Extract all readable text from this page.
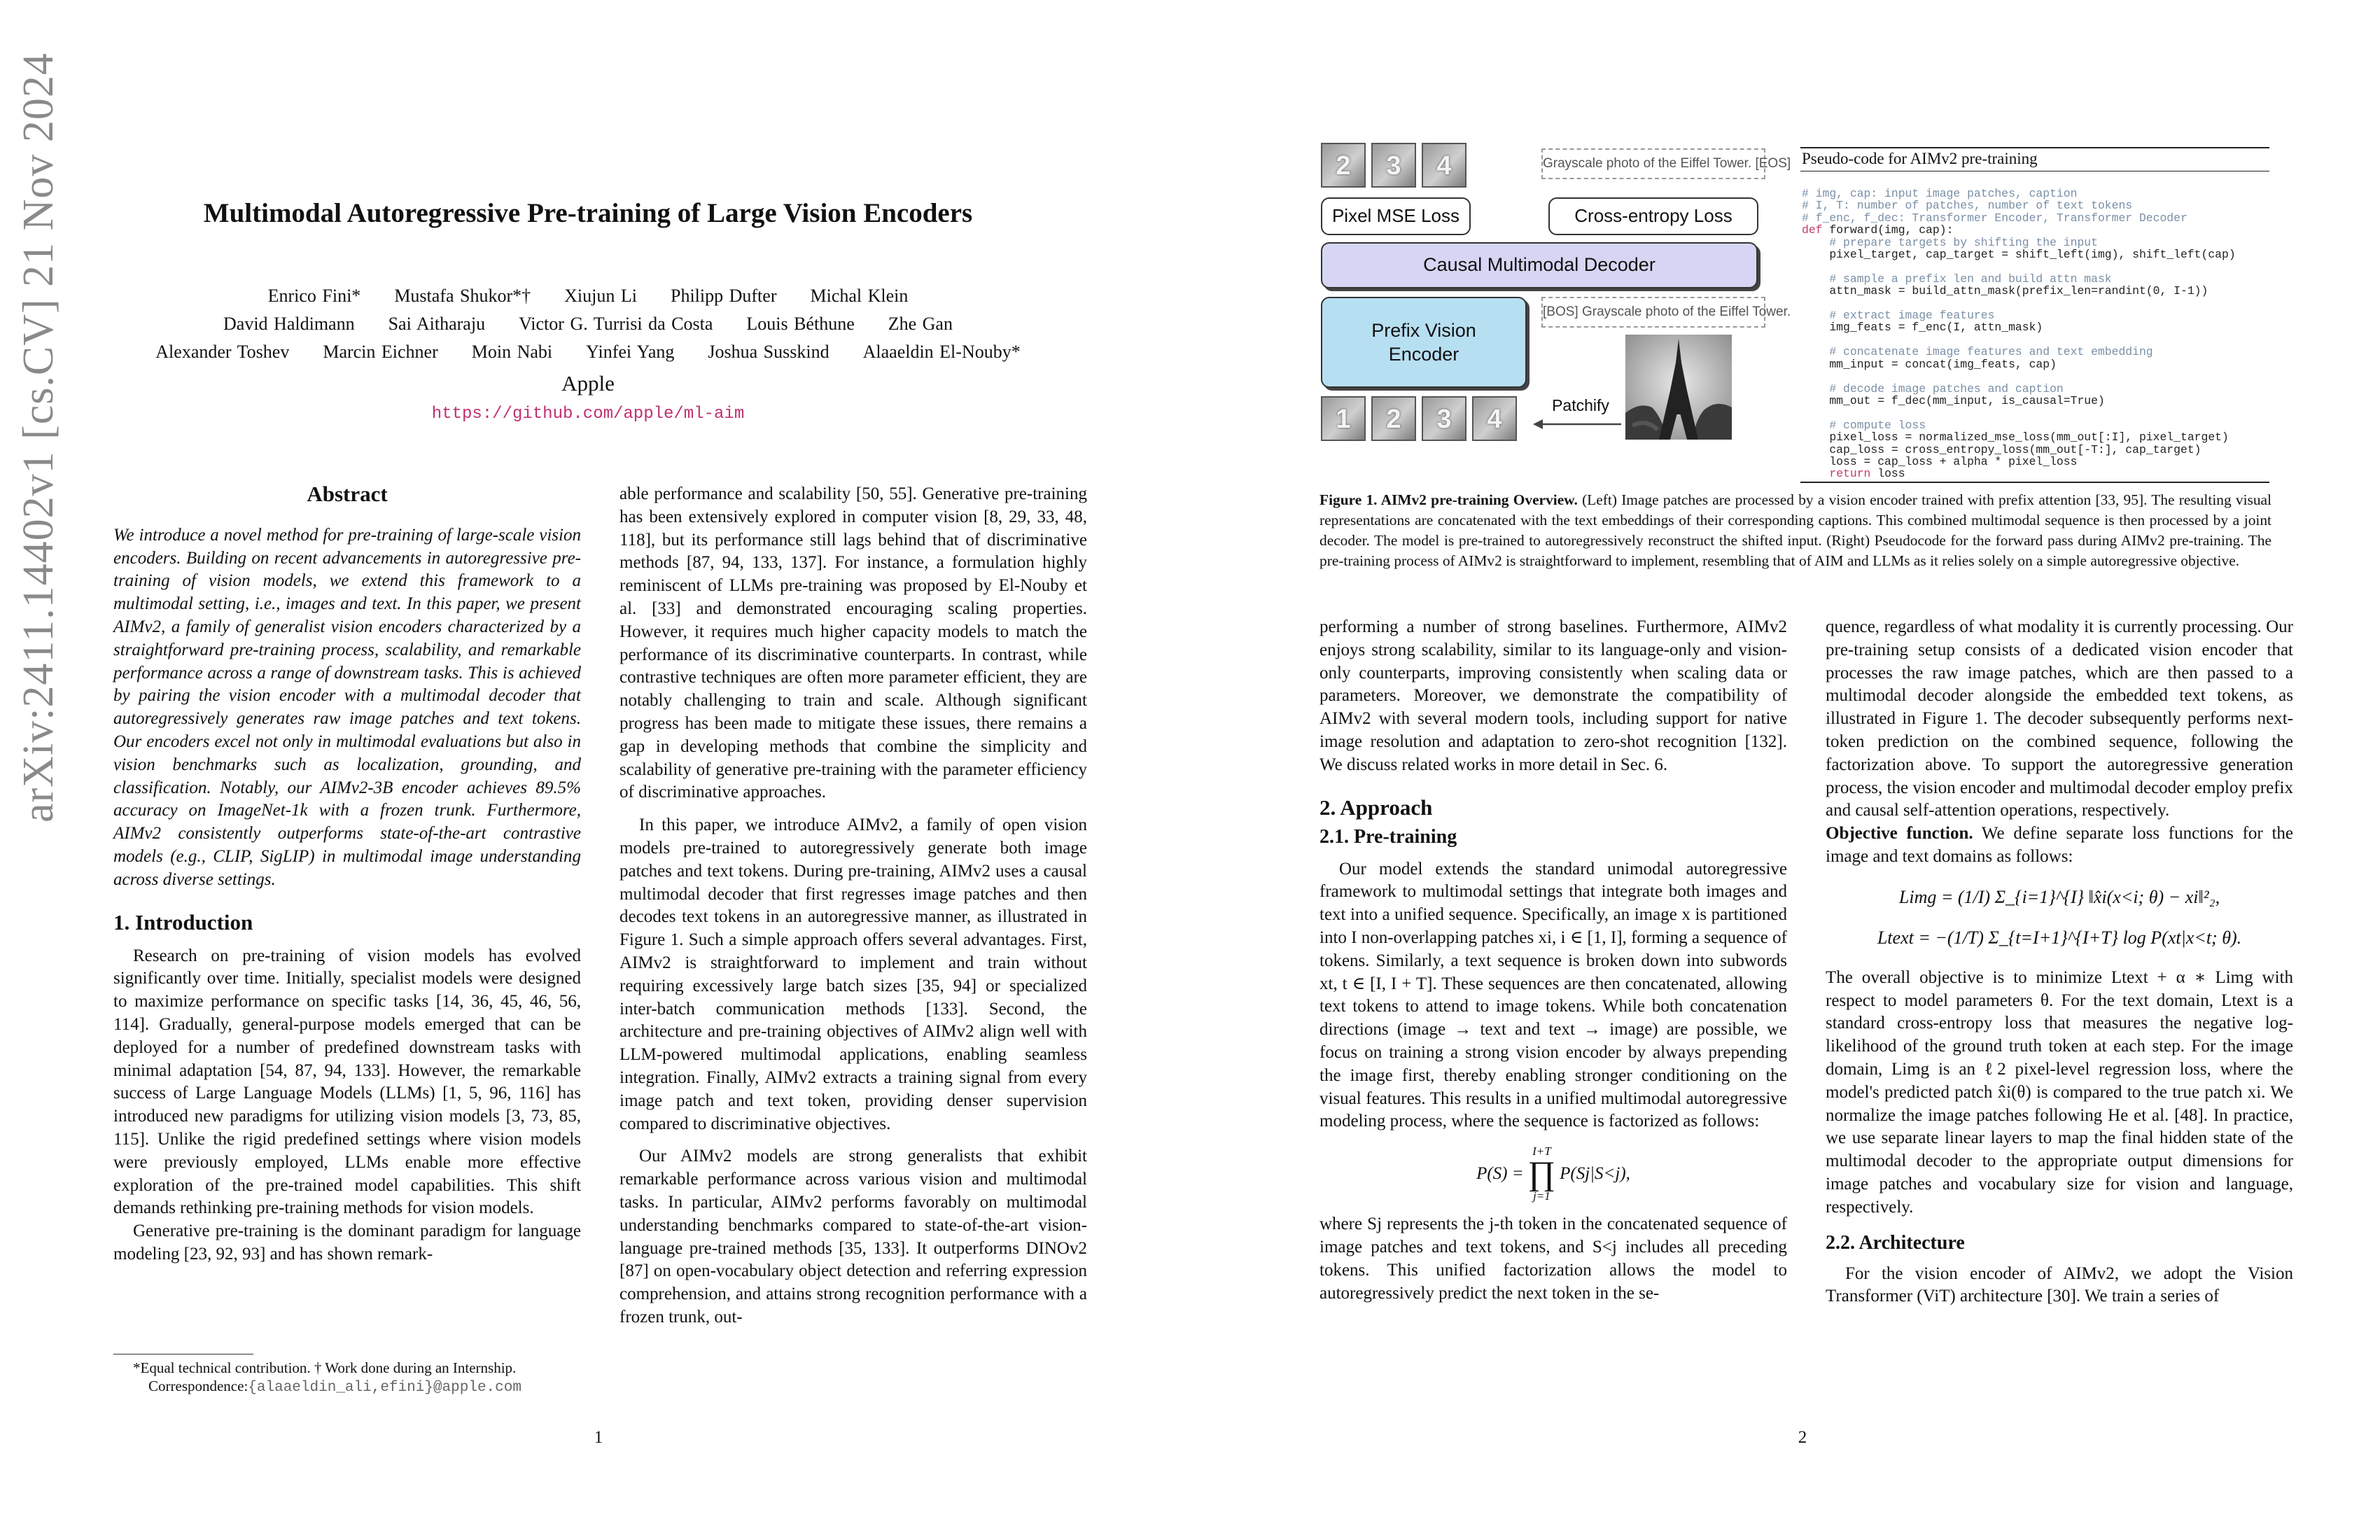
arXiv:2411.14402v1 [cs.CV] 21 Nov 2024	Multimodal Autoregressive Pre-training of Large Vision Encoders
Enrico Fini* Mustafa Shukor*† Xiujun Li Philipp Dufter Michal Klein
David Haldimann Sai Aitharaju Victor G. Turrisi da Costa Louis Béthune Zhe Gan
Alexander Toshev Marcin Eichner Moin Nabi Yinfei Yang Joshua Susskind Alaaeldin El-Nouby*
Apple
https://github.com/apple/ml-aim
Abstract

We introduce a novel method for pre-training of large-scale vision encoders. Building on recent advancements in autoregressive pre-training of vision models, we extend this framework to a multimodal setting, i.e., images and text. In this paper, we present AIMv2, a family of generalist vision encoders characterized by a straightforward pre-training process, scalability, and remarkable performance across a range of downstream tasks. This is achieved by pairing the vision encoder with a multimodal decoder that autoregressively generates raw image patches and text tokens. Our encoders excel not only in multimodal evaluations but also in vision benchmarks such as localization, grounding, and classification. Notably, our AIMv2-3B encoder achieves 89.5% accuracy on ImageNet-1k with a frozen trunk. Furthermore, AIMv2 consistently outperforms state-of-the-art contrastive models (e.g., CLIP, SigLIP) in multimodal image understanding across diverse settings.

1. Introduction

Research on pre-training of vision models has evolved significantly over time. Initially, specialist models were designed to maximize performance on specific tasks [14, 36, 45, 46, 56, 114]. Gradually, general-purpose models emerged that can be deployed for a number of predefined downstream tasks with minimal adaptation [54, 87, 94, 133]. However, the remarkable success of Large Language Models (LLMs) [1, 5, 96, 116] has introduced new paradigms for utilizing vision models [3, 73, 85, 115]. Unlike the rigid predefined settings where vision models were previously employed, LLMs enable more effective exploration of the pre-trained model capabilities. This shift demands rethinking pre-training methods for vision models.

Generative pre-training is the dominant paradigm for language modeling [23, 92, 93] and has shown remark-

*Equal technical contribution. † Work done during an Internship.
Correspondence:{alaaeldin_ali,efini}@apple.com

able performance and scalability [50, 55]. Generative pre-training has been extensively explored in computer vision [8, 29, 33, 48, 118], but its performance still lags behind that of discriminative methods [87, 94, 133, 137]. For instance, a formulation highly reminiscent of LLMs pre-training was proposed by El-Nouby et al. [33] and demonstrated encouraging scaling properties. However, it requires much higher capacity models to match the performance of its discriminative counterparts. In contrast, while contrastive techniques are often more parameter efficient, they are notably challenging to train and scale. Although significant progress has been made to mitigate these issues, there remains a gap in developing methods that combine the simplicity and scalability of generative pre-training with the parameter efficiency of discriminative approaches.

In this paper, we introduce AIMv2, a family of open vision models pre-trained to autoregressively generate both image patches and text tokens. During pre-training, AIMv2 uses a causal multimodal decoder that first regresses image patches and then decodes text tokens in an autoregressive manner, as illustrated in Figure 1. Such a simple approach offers several advantages. First, AIMv2 is straightforward to implement and train without requiring excessively large batch sizes [35, 94] or specialized inter-batch communication methods [133]. Second, the architecture and pre-training objectives of AIMv2 align well with LLM-powered multimodal applications, enabling seamless integration. Finally, AIMv2 extracts a training signal from every image patch and text token, providing denser supervision compared to discriminative objectives.

Our AIMv2 models are strong generalists that exhibit remarkable performance across various vision and multimodal tasks. In particular, AIMv2 performs favorably on multimodal understanding benchmarks compared to state-of-the-art vision-language pre-trained methods [35, 133]. It outperforms DINOv2 [87] on open-vocabulary object detection and referring expression comprehension, and attains strong recognition performance with a frozen trunk, out-

1
2	3	4	Grayscale photo of the Eiffel Tower. [EOS]
Pixel MSE Loss	Cross-entropy Loss
Causal Multimodal Decoder
Prefix Vision Encoder
[BOS] Grayscale photo of the Eiffel Tower.
1	2	3	4	Patchify
Pseudo-code for AIMv2 pre-training
# img, cap: input image patches, caption
# I, T: number of patches, number of text tokens
# f_enc, f_dec: Transformer Encoder, Transformer Decoder
def forward(img, cap):
# prepare targets by shifting the input
pixel_target, cap_target = shift_left(img), shift_left(cap)

# sample a prefix len and build attn mask
attn_mask = build_attn_mask(prefix_len=randint(0, I-1))

# extract image features
img_feats = f_enc(I, attn_mask)

# concatenate image features and text embedding
mm_input = concat(img_feats, cap)

# decode image patches and caption
mm_out = f_dec(mm_input, is_causal=True)

# compute loss
pixel_loss = normalized_mse_loss(mm_out[:I], pixel_target)
cap_loss = cross_entropy_loss(mm_out[-T:], cap_target)
loss = cap_loss + alpha * pixel_loss
return loss
Figure 1. AIMv2 pre-training Overview. (Left) Image patches are processed by a vision encoder trained with prefix attention [33, 95]. The resulting visual representations are concatenated with the text embeddings of their corresponding captions. This combined multimodal sequence is then processed by a joint decoder. The model is pre-trained to autoregressively reconstruct the shifted input. (Right) Pseudocode for the forward pass during AIMv2 pre-training. The pre-training process of AIMv2 is straightforward to implement, resembling that of AIM and LLMs as it relies solely on a simple autoregressive objective.

performing a number of strong baselines. Furthermore, AIMv2 enjoys strong scalability, similar to its language-only and vision-only counterparts, improving consistently when scaling data or parameters. Moreover, we demonstrate the compatibility of AIMv2 with several modern tools, including support for native image resolution and adaptation to zero-shot recognition [132]. We discuss related works in more detail in Sec. 6.

2. Approach
2.1. Pre-training

Our model extends the standard unimodal autoregressive framework to multimodal settings that integrate both images and text into a unified sequence. Specifically, an image x is partitioned into I non-overlapping patches xi, i ∈ [1, I], forming a sequence of tokens. Similarly, a text sequence is broken down into subwords xt, t ∈ [I, I + T]. These sequences are then concatenated, allowing text tokens to attend to image tokens. While both concatenation directions (image → text and text → image) are possible, we focus on training a strong vision encoder by always prepending the image first, thereby enabling stronger conditioning on the visual features. This results in a unified multimodal autoregressive modeling process, where the sequence is factorized as follows:

P(S) =
I+T
∏
j=1
P(Sj|S<j),

where Sj represents the j-th token in the concatenated sequence of image patches and text tokens, and S<j includes all preceding tokens. This unified factorization allows the model to autoregressively predict the next token in the se-

quence, regardless of what modality it is currently processing. Our pre-training setup consists of a dedicated vision encoder that processes the raw image patches, which are then passed to a multimodal decoder alongside the embedded text tokens, as illustrated in Figure 1. The decoder subsequently performs next-token prediction on the combined sequence, following the factorization above. To support the autoregressive generation process, the vision encoder and multimodal decoder employ prefix and causal self-attention operations, respectively.

Objective function. We define separate loss functions for the image and text domains as follows:

Limg = (1/I) Σ_{i=1}^{I} ‖x̂i(x<i; θ) − xi‖²₂,
Ltext = −(1/T) Σ_{t=I+1}^{I+T} log P(xt|x<t; θ).

The overall objective is to minimize Ltext + α ∗ Limg with respect to model parameters θ. For the text domain, Ltext is a standard cross-entropy loss that measures the negative log-likelihood of the ground truth token at each step. For the image domain, Limg is an ℓ2 pixel-level regression loss, where the model's predicted patch x̂i(θ) is compared to the true patch xi. We normalize the image patches following He et al. [48]. In practice, we use separate linear layers to map the final hidden state of the multimodal decoder to the appropriate output dimensions for image patches and vocabulary size for vision and language, respectively.

2.2. Architecture

For the vision encoder of AIMv2, we adopt the Vision Transformer (ViT) architecture [30]. We train a series of

2
